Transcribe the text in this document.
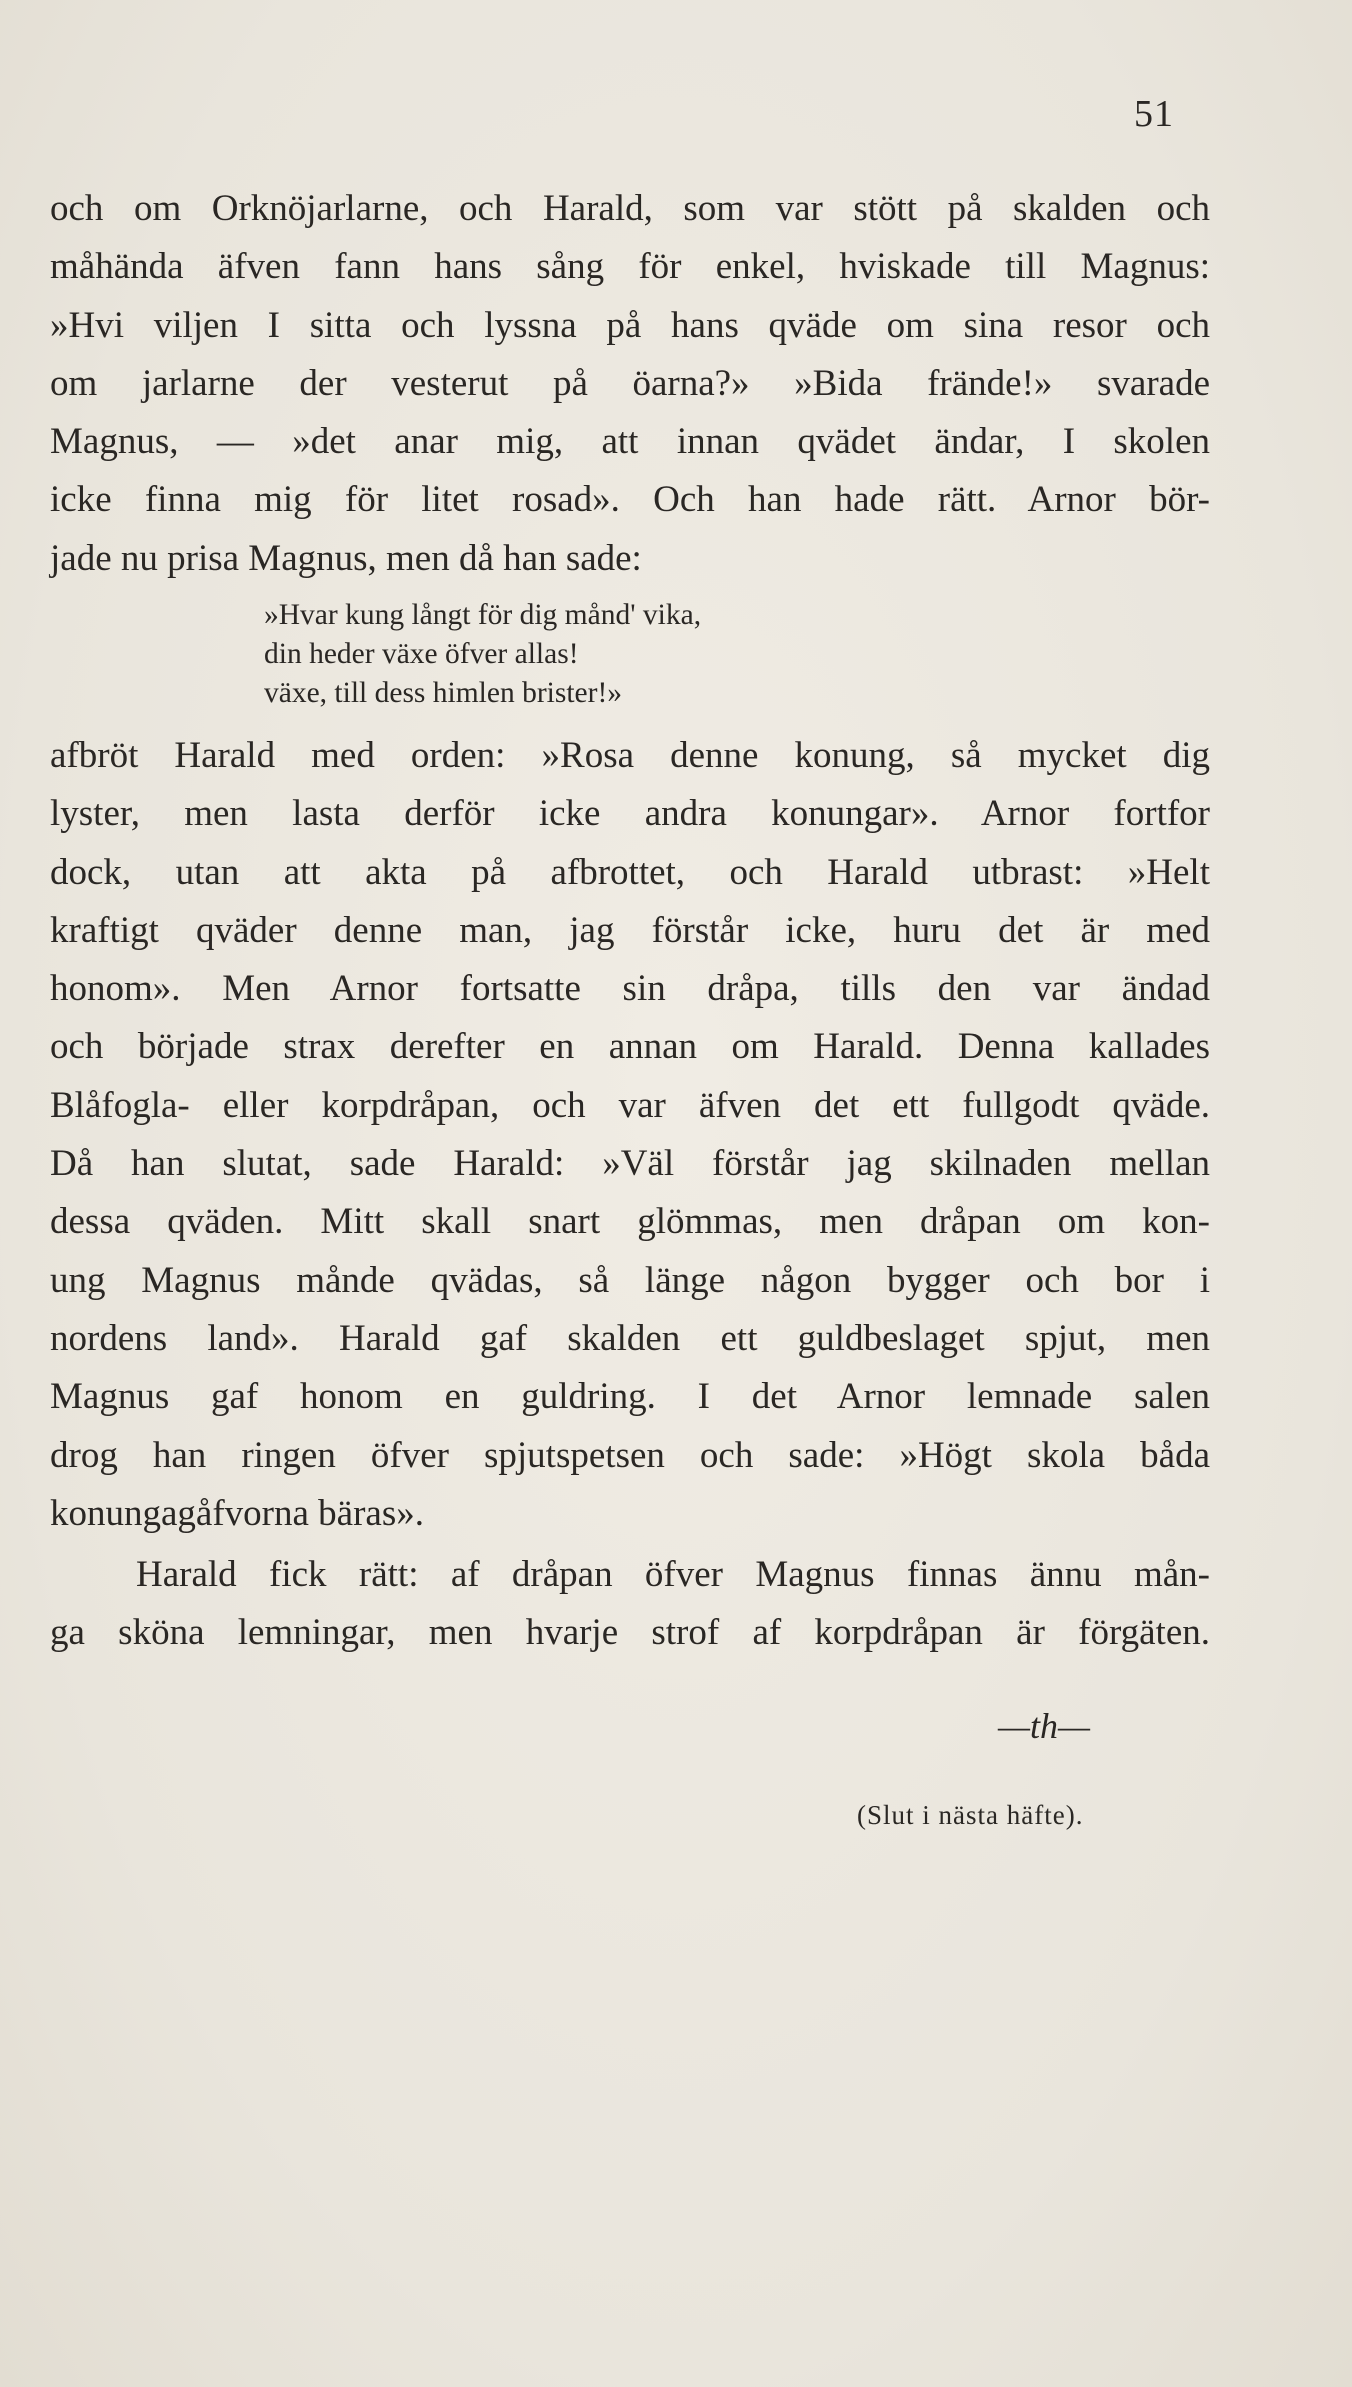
51
och om Orknöjarlarne, och Harald, som var stött på skalden och
måhända äfven fann hans sång för enkel, hviskade till Magnus:
»Hvi viljen I sitta och lyssna på hans qväde om sina resor och
om jarlarne der vesterut på öarna?» »Bida frände!» svarade
Magnus, — »det anar mig, att innan qvädet ändar, I skolen
icke finna mig för litet rosad». Och han hade rätt. Arnor bör-
jade nu prisa Magnus, men då han sade:
»Hvar kung långt för dig månd' vika,
din heder växe öfver allas!
växe, till dess himlen brister!»
afbröt Harald med orden: »Rosa denne konung, så mycket dig
lyster, men lasta derför icke andra konungar». Arnor fortfor
dock, utan att akta på afbrottet, och Harald utbrast: »Helt
kraftigt qväder denne man, jag förstår icke, huru det är med
honom». Men Arnor fortsatte sin dråpa, tills den var ändad
och började strax derefter en annan om Harald. Denna kallades
Blåfogla- eller korpdråpan, och var äfven det ett fullgodt qväde.
Då han slutat, sade Harald: »Väl förstår jag skilnaden mellan
dessa qväden. Mitt skall snart glömmas, men dråpan om kon-
ung Magnus månde qvädas, så länge någon bygger och bor i
nordens land». Harald gaf skalden ett guldbeslaget spjut, men
Magnus gaf honom en guldring. I det Arnor lemnade salen
drog han ringen öfver spjutspetsen och sade: »Högt skola båda
konungagåfvorna bäras».
Harald fick rätt: af dråpan öfver Magnus finnas ännu mån-
ga sköna lemningar, men hvarje strof af korpdråpan är förgäten.
—th—
(Slut i nästa häfte).
